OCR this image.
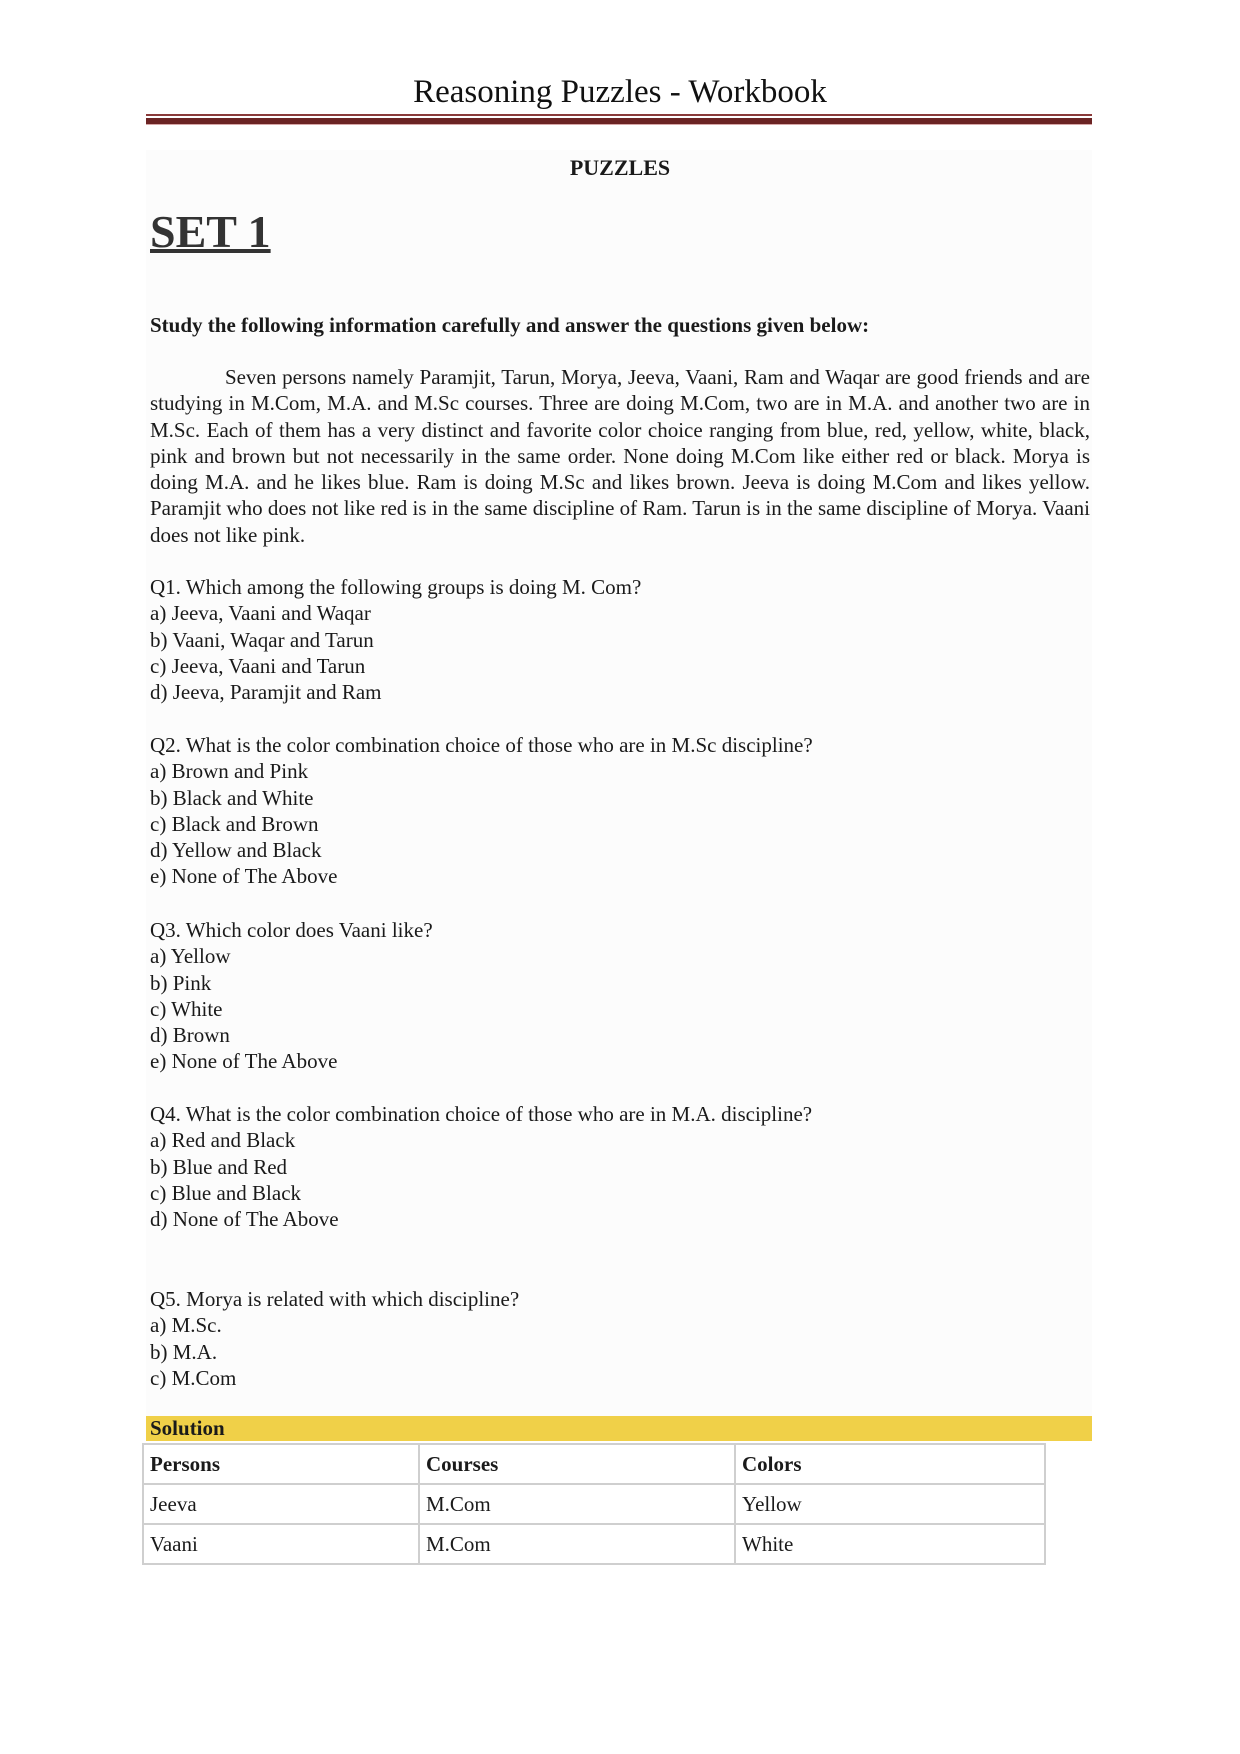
Reasoning Puzzles - Workbook
PUZZLES
SET 1
Study the following information carefully and answer the questions given below:
Seven persons namely Paramjit, Tarun, Morya, Jeeva, Vaani, Ram and Waqar are good friends and are studying in M.Com, M.A. and M.Sc courses. Three are doing M.Com, two are in M.A. and another two are in M.Sc. Each of them has a very distinct and favorite color choice ranging from blue, red, yellow, white, black, pink and brown but not necessarily in the same order. None doing M.Com like either red or black. Morya is doing M.A. and he likes blue. Ram is doing M.Sc and likes brown. Jeeva is doing M.Com and likes yellow. Paramjit who does not like red is in the same discipline of Ram. Tarun is in the same discipline of Morya. Vaani does not like pink.
Q1. Which among the following groups is doing M. Com?
a) Jeeva, Vaani and Waqar
b) Vaani, Waqar and Tarun
c) Jeeva, Vaani and Tarun
d) Jeeva, Paramjit and Ram
Q2. What is the color combination choice of those who are in M.Sc discipline?
a) Brown and Pink
b) Black and White
c) Black and Brown
d) Yellow and Black
e) None of The Above
Q3. Which color does Vaani like?
a) Yellow
b) Pink
c) White
d) Brown
e) None of The Above
Q4. What is the color combination choice of those who are in M.A. discipline?
a) Red and Black
b) Blue and Red
c) Blue and Black
d) None of The Above
Q5. Morya is related with which discipline?
a) M.Sc.
b) M.A.
c) M.Com
Solution
Persons	Courses	Colors
Jeeva	M.Com	Yellow
Vaani	M.Com	White
